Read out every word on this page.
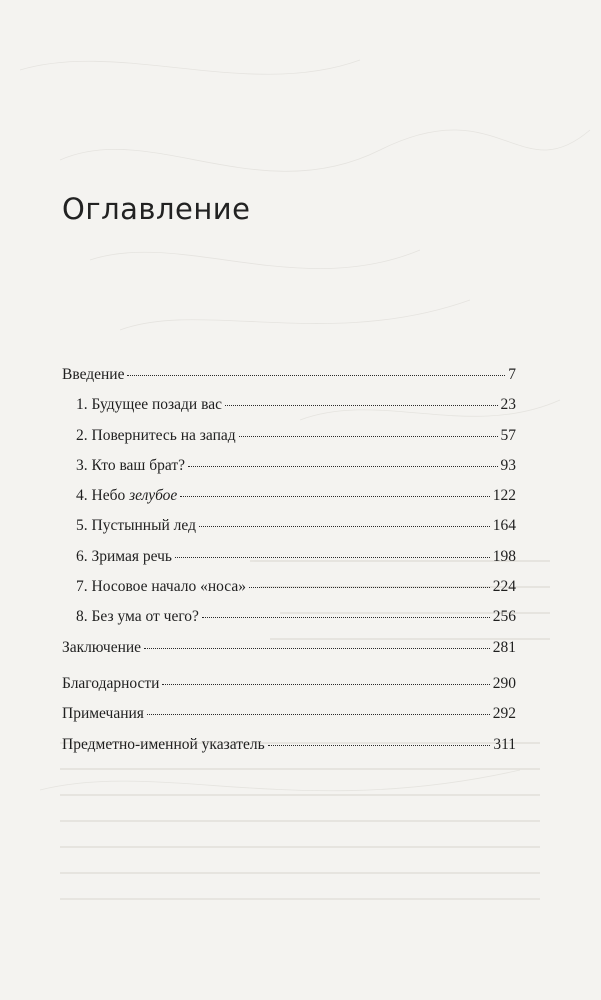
Оглавление
Введение	7
1. Будущее позади вас	23
2. Повернитесь на запад	57
3. Кто ваш брат?	93
4. Небо зелубое	122
5. Пустынный лед	164
6. Зримая речь	198
7. Носовое начало «носа»	224
8. Без ума от чего?	256
Заключение	281
Благодарности	290
Примечания	292
Предметно-именной указатель	311
